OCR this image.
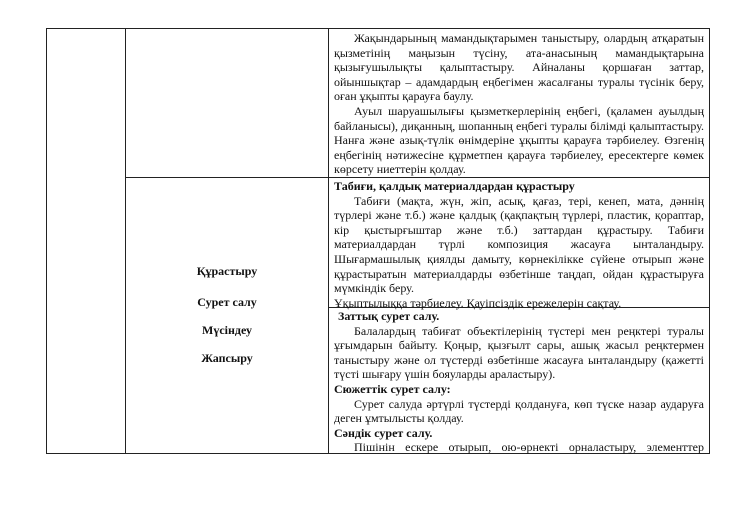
Жақындарының мамандықтарымен таныстыру, олардың атқаратын қызметінің маңызын түсіну, ата-анасының мамандықтарына қызығушылықты қалыптастыру. Айналаны қоршаған заттар, ойыншықтар – адамдардың еңбегімен жасалғаны туралы түсінік беру, оған ұқыпты қарауға баулу.

Ауыл шаруашылығы қызметкерлерінің еңбегі, (қаламен ауылдың байланысы), диқанның, шопанның еңбегі туралы білімді қалыптастыру. Нанға және азық-түлік өнімдеріне ұқыпты қарауға тәрбиелеу. Өзгенің еңбегінің нәтижесіне құрметпен қарауға тәрбиелеу, ересектерге көмек көрсету ниеттерін қолдау.

Құрастыру
Сурет салу
Мүсіндеу
Жапсыру

Табиғи, қалдық материалдардан құрастыру

Табиғи (мақта, жүн, жіп, асық, қағаз, тері, кенеп, мата, дәннің түрлері және т.б.) және қалдық (қақпақтың түрлері, пластик, қораптар, кір қыстырғыштар және т.б.) заттардан құрастыру. Табиғи материалдардан түрлі композиция жасауға ынталандыру. Шығармашылық қиялды дамыту, көрнекілікке сүйене отырып және құрастыратын материалдарды өзбетінше таңдап, ойдан құрастыруға мүмкіндік беру.

Ұқыптылыққа тәрбиелеу. Қауіпсіздік ережелерін сақтау.

Заттық сурет салу.

Балалардың табиғат объектілерінің түстері мен реңктері туралы ұғымдарын байыту. Қоңыр, қызғылт сары, ашық жасыл реңктермен таныстыру және ол түстерді өзбетінше жасауға ынталандыру (қажетті түсті шығару үшін бояуларды араластыру).

Сюжеттік сурет салу:

Сурет салуда әртүрлі түстерді қолдануға, көп түске назар аударуға деген ұмтылысты қолдау.

Сәндік сурет салу.

Пішінін ескере отырып, ою-өрнекті орналастыру, элементтер
